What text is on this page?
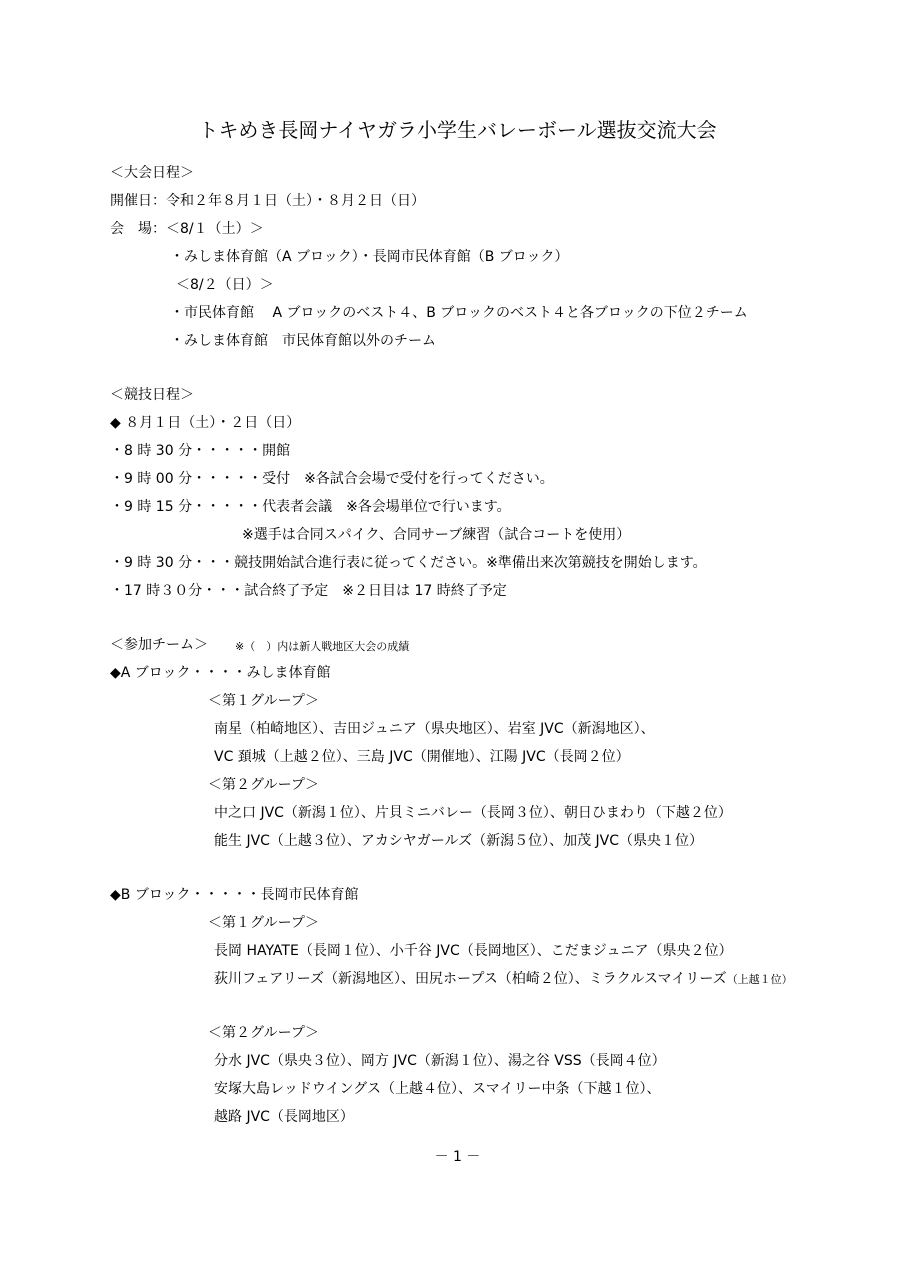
トキめき長岡ナイヤガラ小学生バレーボール選抜交流大会
＜大会日程＞
開催日：令和２年８月１日（土）・８月２日（日）
会　場：＜8/１（土）＞
・みしま体育館（A ブロック）・長岡市民体育館（B ブロック）
＜8/２（日）＞
・市民体育館　 A ブロックのベスト４、B ブロックのベスト４と各ブロックの下位２チーム
・みしま体育館　市民体育館以外のチーム
＜競技日程＞
◆ ８月１日（土）・２日（日）
・8 時 30 分・・・・・開館
・9 時 00 分・・・・・受付　※各試合会場で受付を行ってください。
・9 時 15 分・・・・・代表者会議　※各会場単位で行います。
※選手は合同スパイク、合同サーブ練習（試合コートを使用）
・9 時 30 分・・・競技開始試合進行表に従ってください。※準備出来次第競技を開始します。
・17 時３０分・・・試合終了予定　※２日目は 17 時終了予定
＜参加チーム＞ ※（　）内は新人戦地区大会の成績
◆A ブロック・・・・みしま体育館
＜第１グループ＞
南星（柏崎地区）、吉田ジュニア（県央地区）、岩室 JVC（新潟地区）、
VC 頚城（上越２位）、三島 JVC（開催地）、江陽 JVC（長岡２位）
＜第２グループ＞
中之口 JVC（新潟１位）、片貝ミニバレー（長岡３位）、朝日ひまわり（下越２位）
能生 JVC（上越３位）、アカシヤガールズ（新潟５位）、加茂 JVC（県央１位）
◆B ブロック・・・・・長岡市民体育館
＜第１グループ＞
長岡 HAYATE（長岡１位）、小千谷 JVC（長岡地区）、こだまジュニア（県央２位）
荻川フェアリーズ（新潟地区）、田尻ホープス（柏崎２位）、ミラクルスマイリーズ（上越１位）
＜第２グループ＞
分水 JVC（県央３位）、岡方 JVC（新潟１位）、湯之谷 VSS（長岡４位）
安塚大島レッドウイングス（上越４位）、スマイリー中条（下越１位）、
越路 JVC（長岡地区）
－ 1 －
